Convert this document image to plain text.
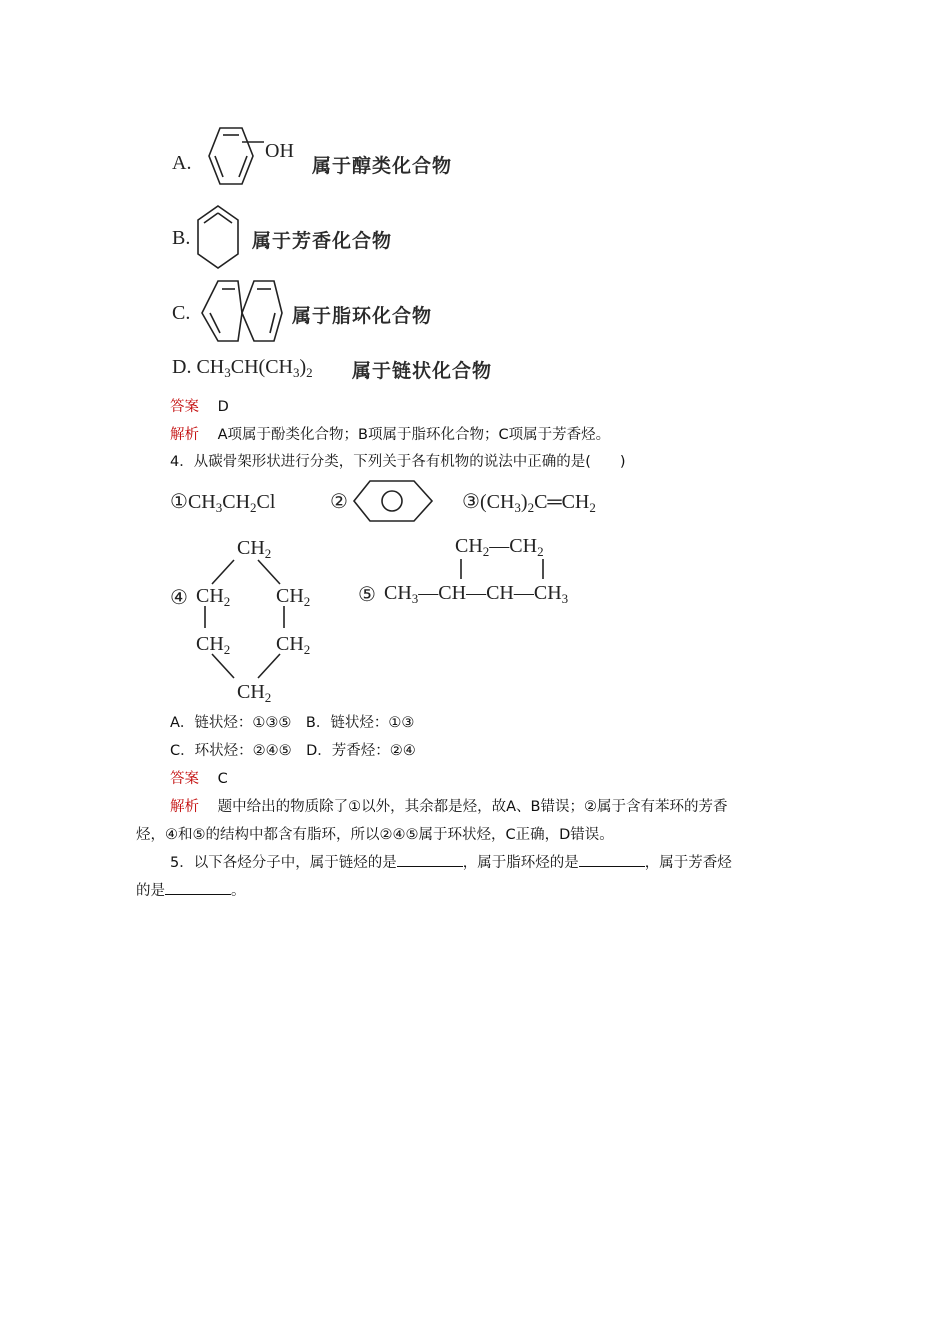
A.
OH
属于醇类化合物
B.	属于芳香化合物
C.	属于脂环化合物
D. $CH_3CH(CH_3)_2$ 属于链状化合物
答案 D
解析 A项属于酚类化合物；B项属于脂环化合物；C项属于芳香烃。
4．从碳骨架形状进行分类，下列关于各有机物的说法中正确的是(　　)
$①CH_3CH_2Cl$	②	$③(CH_3)_2C═CH_2$
④
$CH_2$
$CH_2$ $CH_2$
$CH_2$ $CH_2$
$CH_2$
⑤
$CH_2—CH_2$
$CH_3—CH—CH—CH_3$
A．链状烃：①③⑤　B．链状烃：①③
C．环状烃：②④⑤　D．芳香烃：②④
答案 C
解析 题中给出的物质除了①以外，其余都是烃，故A、B错误；②属于含有苯环的芳香
烃，④和⑤的结构中都含有脂环，所以②④⑤属于环状烃，C正确，D错误。
5．以下各烃分子中，属于链烃的是	，属于脂环烃的是	，属于芳香烃
的是	。
